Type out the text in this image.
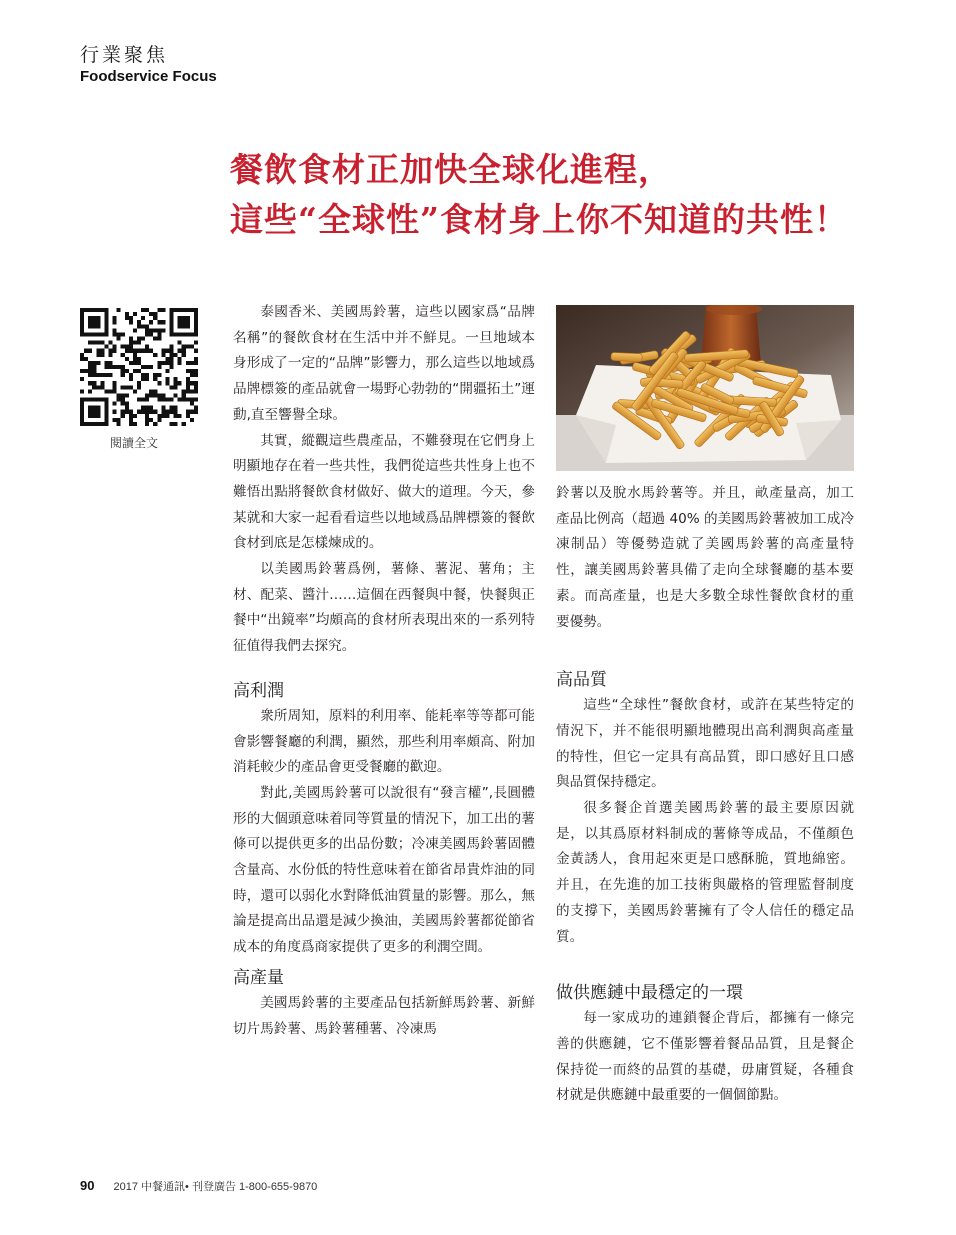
行業聚焦
Foodservice Focus
餐飲食材正加快全球化進程，
這些“全球性”食材身上你不知道的共性！
閱讀全文

泰國香米、美國馬鈴薯，這些以國家爲“品牌名稱”的餐飲食材在生活中并不鮮見。一旦地域本身形成了一定的“品牌”影響力，那么這些以地域爲品牌標簽的產品就會一場野心勃勃的“開疆拓土”運動,直至響譽全球。

其實，縱觀這些農產品，不難發現在它們身上明顯地存在着一些共性，我們從這些共性身上也不難悟出點將餐飲食材做好、做大的道理。今天，參某就和大家一起看看這些以地域爲品牌標簽的餐飲食材到底是怎樣煉成的。

以美國馬鈴薯爲例，薯條、薯泥、薯角；主材、配菜、醬汁……這個在西餐與中餐，快餐與正餐中“出鏡率”均頗高的食材所表現出來的一系列特征值得我們去探究。

高利潤

衆所周知，原料的利用率、能耗率等等都可能會影響餐廳的利潤，顯然，那些利用率頗高、附加消耗較少的產品會更受餐廳的歡迎。

對此,美國馬鈴薯可以說很有“發言權”,長圓體形的大個頭意味着同等質量的情況下，加工出的薯條可以提供更多的出品份數；冷凍美國馬鈴薯固體含量高、水份低的特性意味着在節省昂貴炸油的同時，還可以弱化水對降低油質量的影響。那么，無論是提高出品還是減少換油，美國馬鈴薯都從節省成本的角度爲商家提供了更多的利潤空間。

高產量

美國馬鈴薯的主要產品包括新鮮馬鈴薯、新鮮切片馬鈴薯、馬鈴薯種薯、冷凍馬

鈴薯以及脫水馬鈴薯等。并且，畝產量高，加工產品比例高（超過 40% 的美國馬鈴薯被加工成冷凍制品）等優勢造就了美國馬鈴薯的高產量特性，讓美國馬鈴薯具備了走向全球餐廳的基本要素。而高產量，也是大多數全球性餐飲食材的重要優勢。

高品質

這些“全球性”餐飲食材，或許在某些特定的情況下，并不能很明顯地體現出高利潤與高產量的特性，但它一定具有高品質，即口感好且口感與品質保持穩定。

很多餐企首選美國馬鈴薯的最主要原因就是，以其爲原材料制成的薯條等成品，不僅顏色金黃誘人，食用起來更是口感酥脆，質地綿密。并且，在先進的加工技術與嚴格的管理監督制度的支撐下，美國馬鈴薯擁有了令人信任的穩定品質。

做供應鏈中最穩定的一環

每一家成功的連鎖餐企背后，都擁有一條完善的供應鏈，它不僅影響着餐品品質，且是餐企保持從一而終的品質的基礎，毋庸質疑，各種食材就是供應鏈中最重要的一個個節點。

90 2017 中餐通訊• 刊登廣告 1-800-655-9870
